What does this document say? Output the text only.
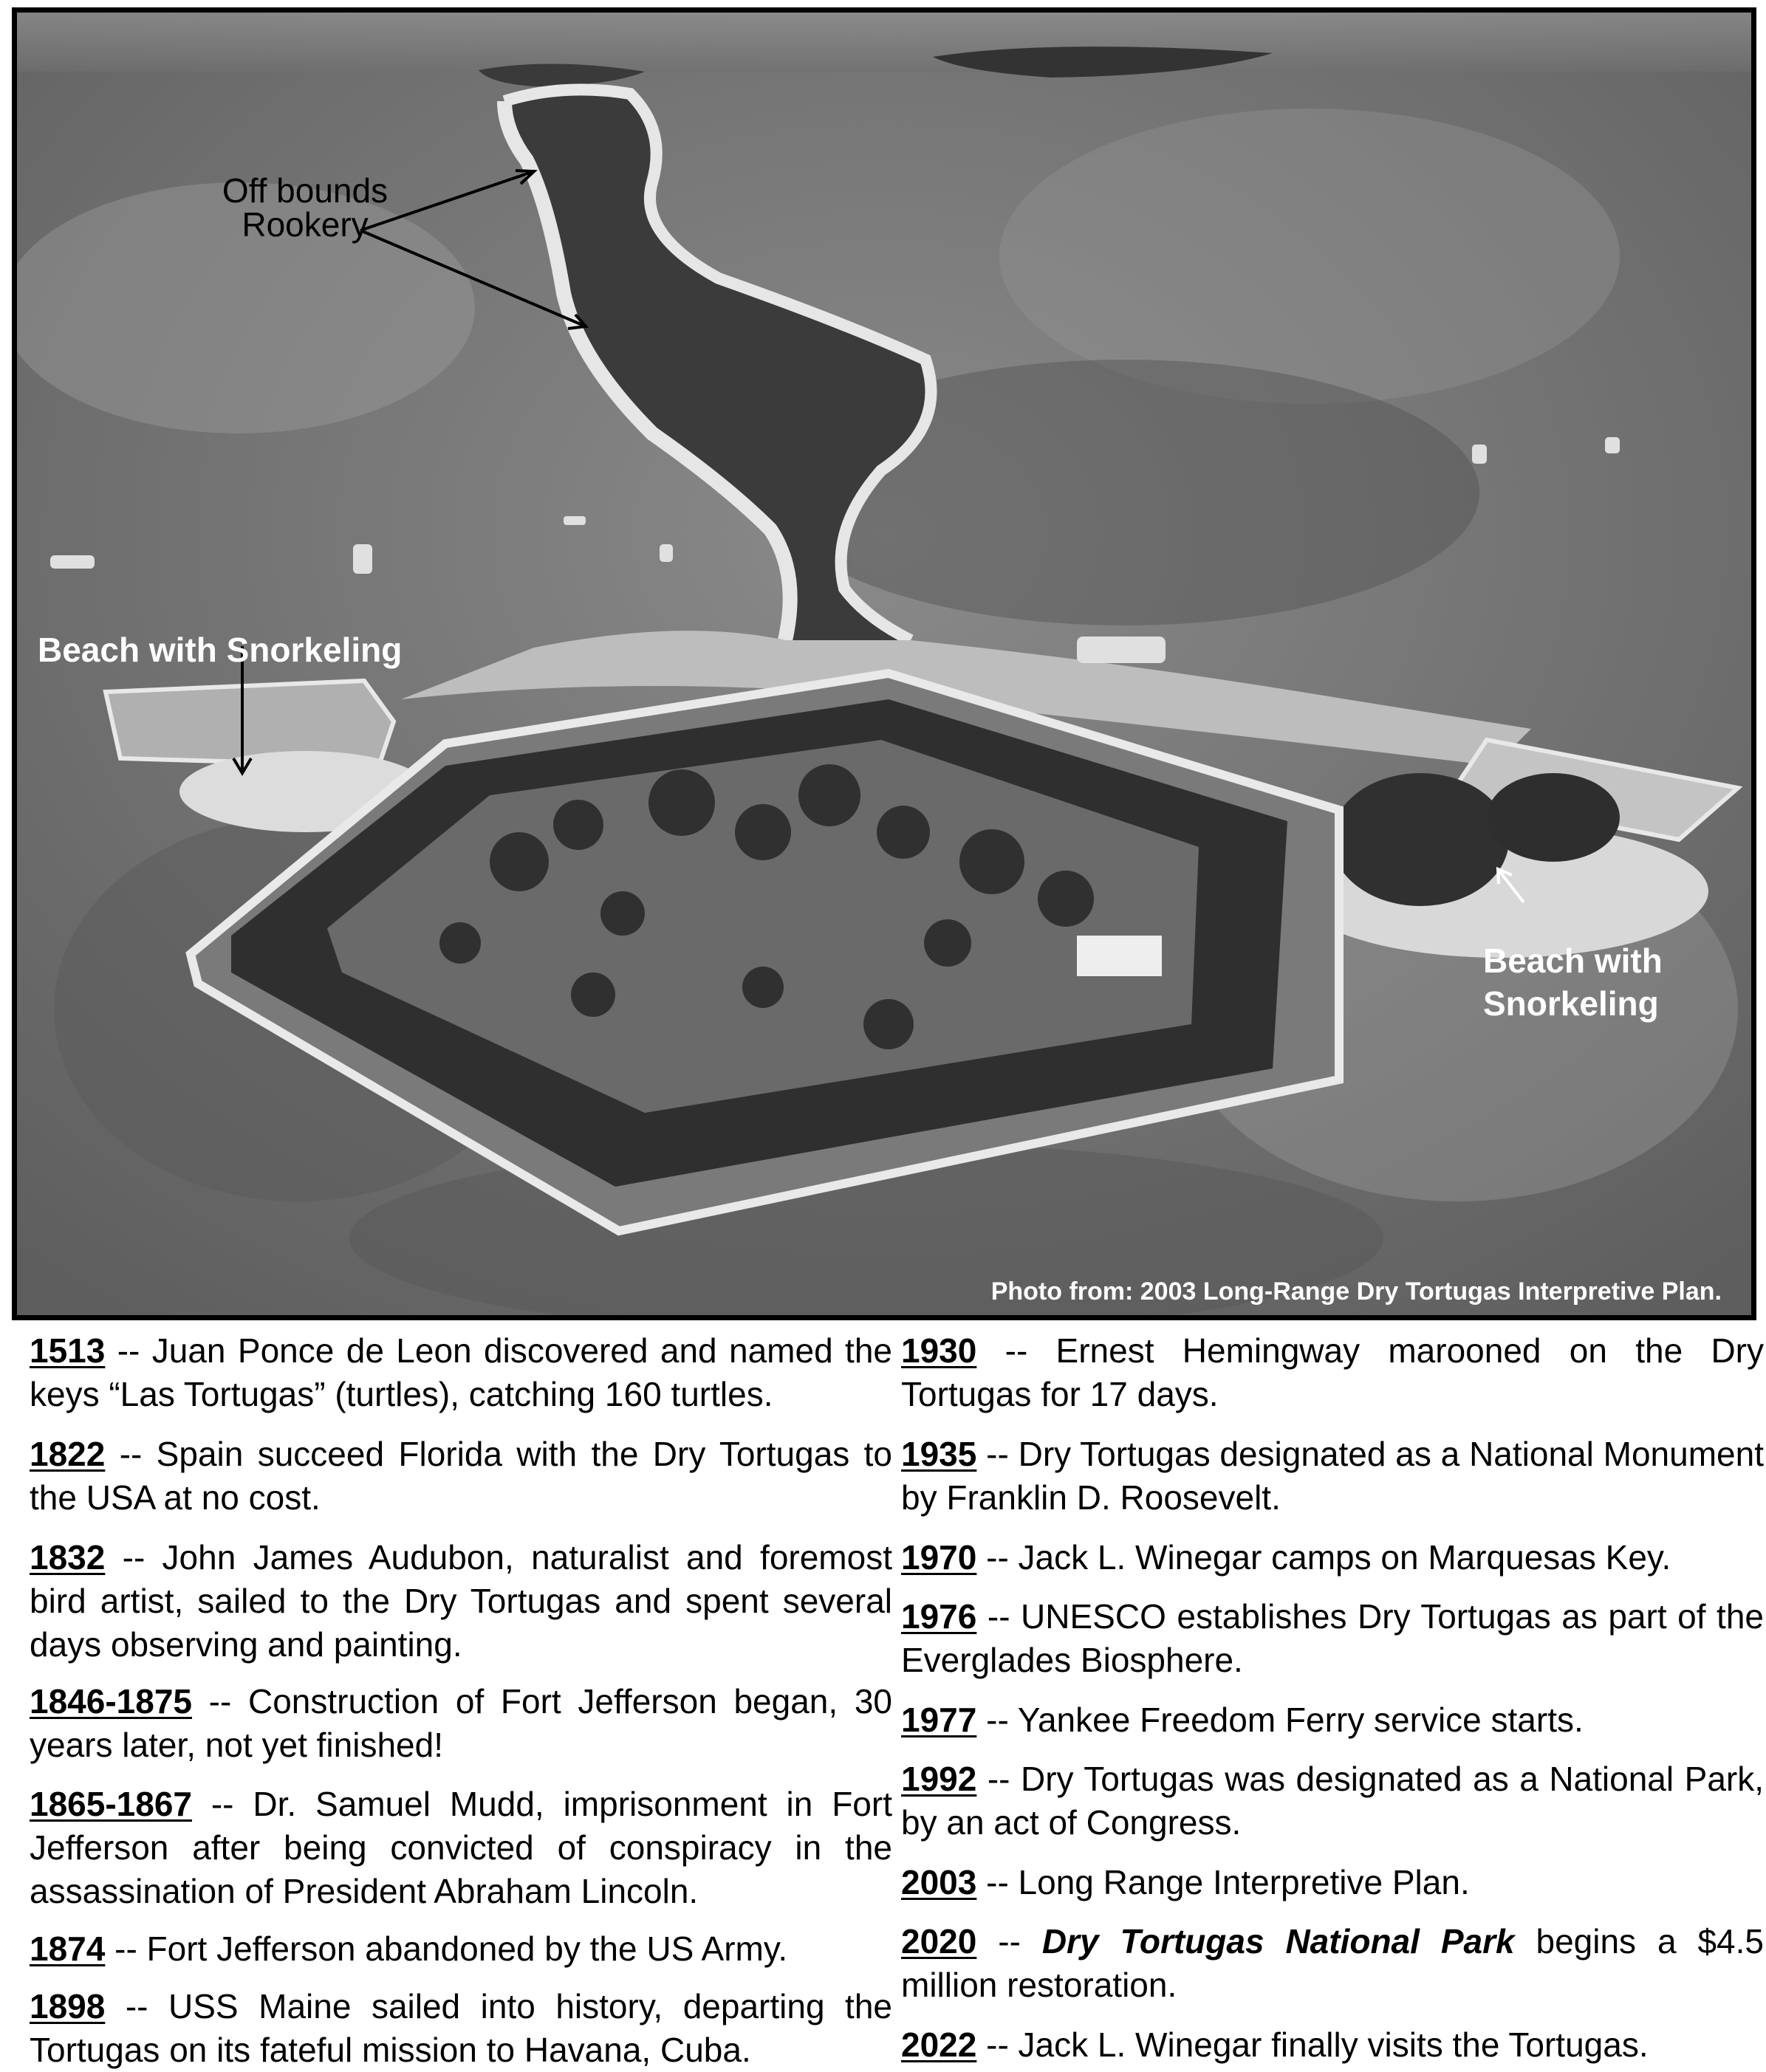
Off bounds
Rookery
Beach with Snorkeling
Beach with
Snorkeling
Photo from: 2003 Long-Range Dry Tortugas Interpretive Plan.
1513 -- Juan Ponce de Leon discovered and named the keys “Las Tortugas” (turtles), catching 160 turtles.
1822 -- Spain succeed Florida with the Dry Tortugas to the USA at no cost.
1832 -- John James Audubon, naturalist and foremost bird artist, sailed to the Dry Tortugas and spent several days observing and painting.
1846-1875 -- Construction of Fort Jefferson began, 30 years later, not yet finished!
1865-1867 -- Dr. Samuel Mudd, imprisonment in Fort Jefferson after being convicted of conspiracy in the assassination of President Abraham Lincoln.
1874 -- Fort Jefferson abandoned by the US Army.
1898 -- USS Maine sailed into history, departing the Tortugas on its fateful mission to Havana, Cuba.
1930 -- Ernest Hemingway marooned on the Dry Tortugas for 17 days.
1935 -- Dry Tortugas designated as a National Monument by Franklin D. Roosevelt.
1970 -- Jack L. Winegar camps on Marquesas Key.
1976 -- UNESCO establishes Dry Tortugas as part of the Everglades Biosphere.
1977 -- Yankee Freedom Ferry service starts.
1992 -- Dry Tortugas was designated as a National Park, by an act of Congress.
2003 -- Long Range Interpretive Plan.
2020 -- Dry Tortugas National Park begins a $4.5 million restoration.
2022 -- Jack L. Winegar finally visits the Tortugas.
